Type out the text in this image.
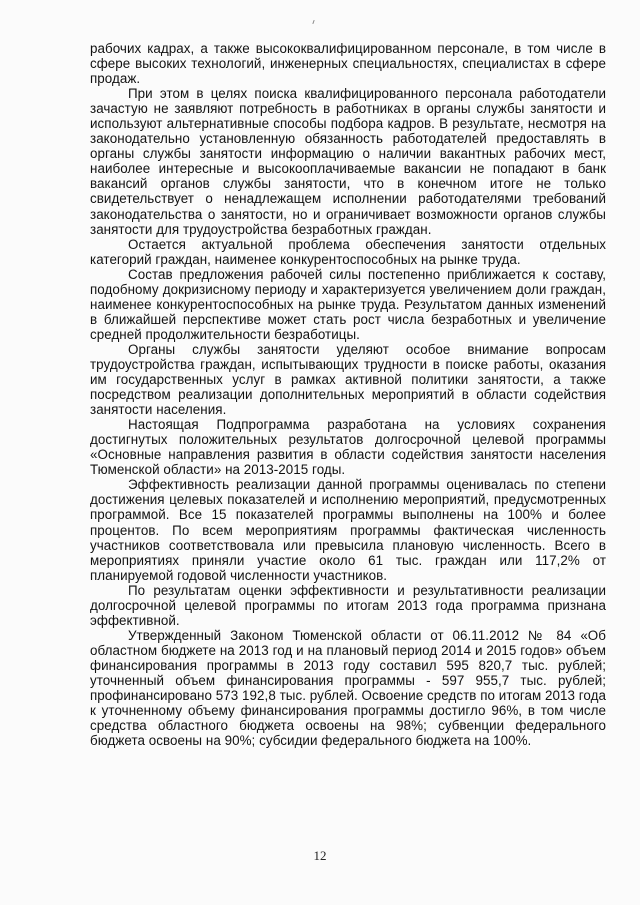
рабочих кадрах, а также высококвалифицированном персонале, в том числе в сфере высоких технологий, инженерных специальностях, специалистах в сфере продаж.

При этом в целях поиска квалифицированного персонала работодатели зачастую не заявляют потребность в работниках в органы службы занятости и используют альтернативные способы подбора кадров. В результате, несмотря на законодательно установленную обязанность работодателей предоставлять в органы службы занятости информацию о наличии вакантных рабочих мест, наиболее интересные и высокооплачиваемые вакансии не попадают в банк вакансий органов службы занятости, что в конечном итоге не только свидетельствует о ненадлежащем исполнении работодателями требований законодательства о занятости, но и ограничивает возможности органов службы занятости для трудоустройства безработных граждан.

Остается актуальной проблема обеспечения занятости отдельных категорий граждан, наименее конкурентоспособных на рынке труда.

Состав предложения рабочей силы постепенно приближается к составу, подобному докризисному периоду и характеризуется увеличением доли граждан, наименее конкурентоспособных на рынке труда. Результатом данных изменений в ближайшей перспективе может стать рост числа безработных и увеличение средней продолжительности безработицы.

Органы службы занятости уделяют особое внимание вопросам трудоустройства граждан, испытывающих трудности в поиске работы, оказания им государственных услуг в рамках активной политики занятости, а также посредством реализации дополнительных мероприятий в области содействия занятости населения.

Настоящая Подпрограмма разработана на условиях сохранения достигнутых положительных результатов долгосрочной целевой программы «Основные направления развития в области содействия занятости населения Тюменской области» на 2013-2015 годы.

Эффективность реализации данной программы оценивалась по степени достижения целевых показателей и исполнению мероприятий, предусмотренных программой. Все 15 показателей программы выполнены на 100% и более процентов. По всем мероприятиям программы фактическая численность участников соответствовала или превысила плановую численность. Всего в мероприятиях приняли участие около 61 тыс. граждан или 117,2% от планируемой годовой численности участников.

По результатам оценки эффективности и результативности реализации долгосрочной целевой программы по итогам 2013 года программа признана эффективной.

Утвержденный Законом Тюменской области от 06.11.2012 № 84 «Об областном бюджете на 2013 год и на плановый период 2014 и 2015 годов» объем финансирования программы в 2013 году составил 595 820,7 тыс. рублей; уточненный объем финансирования программы - 597 955,7 тыс. рублей; профинансировано 573 192,8 тыс. рублей. Освоение средств по итогам 2013 года к уточненному объему финансирования программы достигло 96%, в том числе средства областного бюджета освоены на 98%; субвенции федерального бюджета освоены на 90%; субсидии федерального бюджета на 100%.

12
